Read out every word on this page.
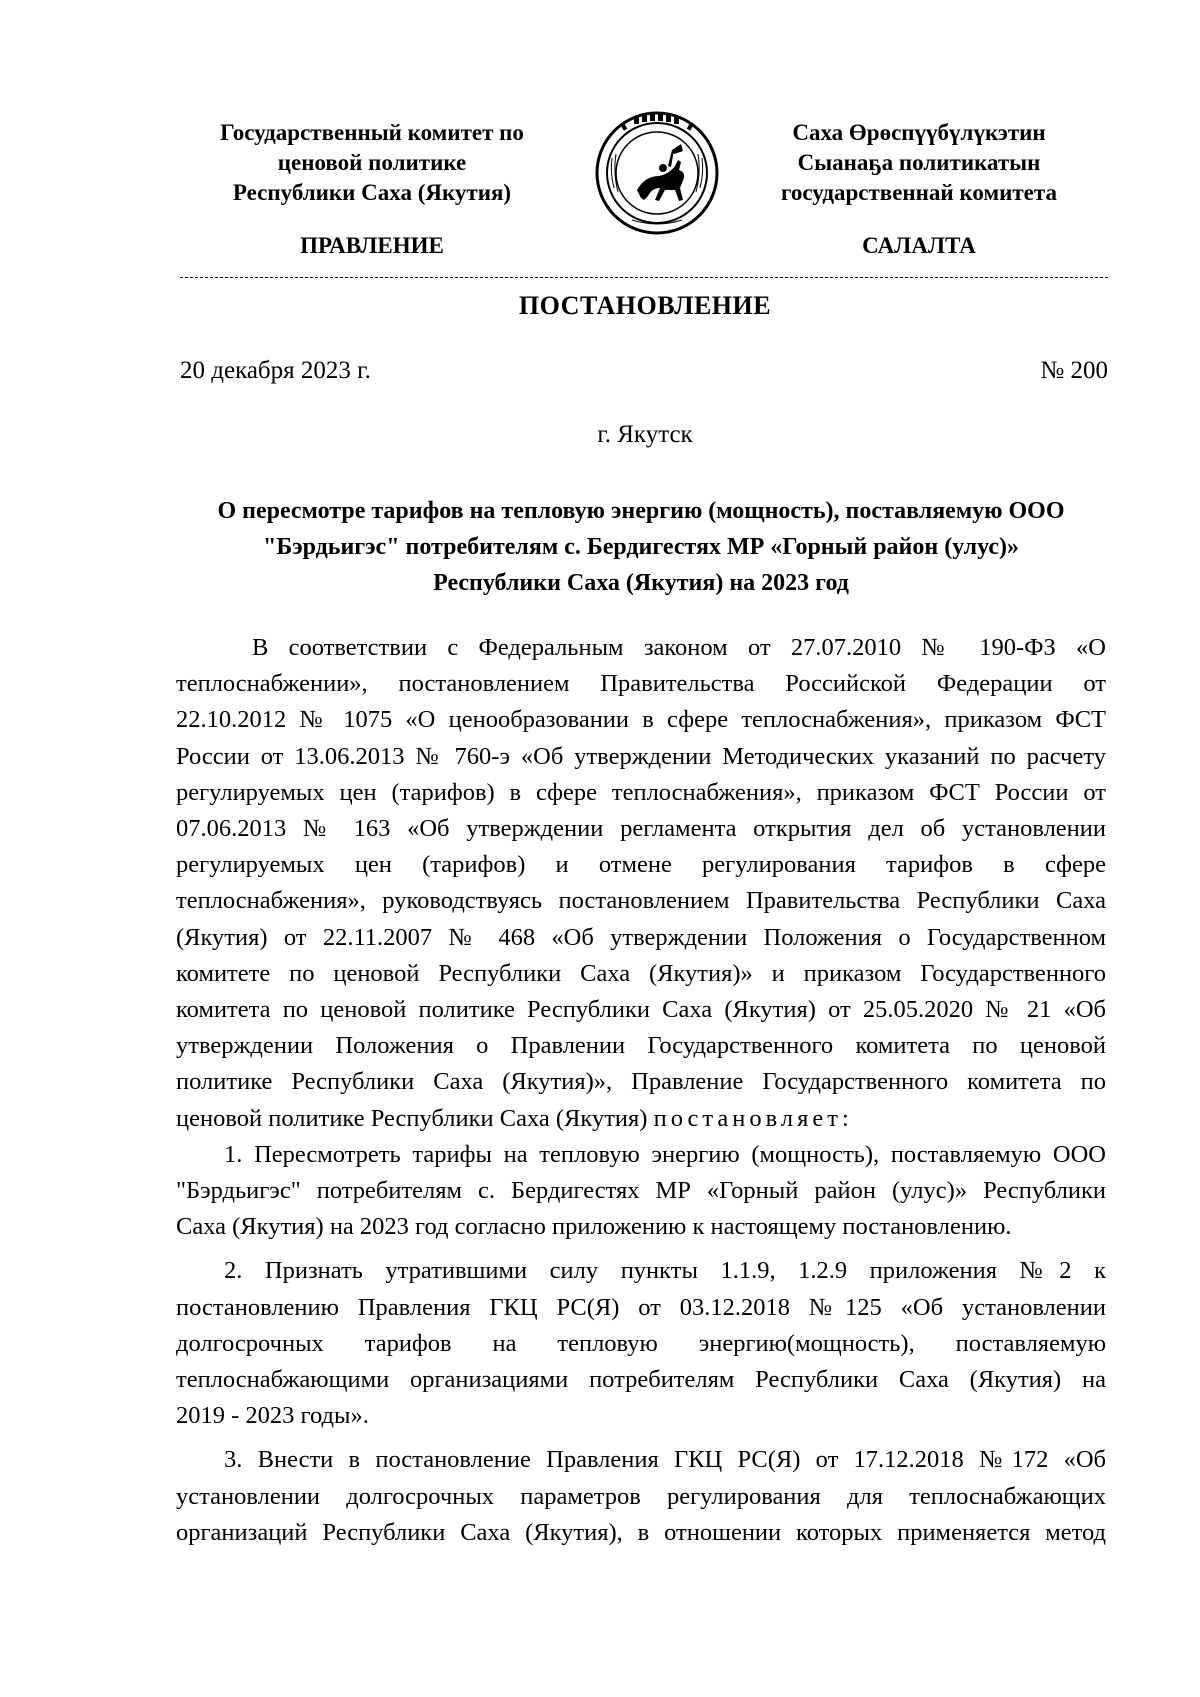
Государственный комитет по
ценовой политике
Республики Саха (Якутия)
ПРАВЛЕНИЕ
Саха Өрөспүүбүлүкэтин
Сыанаҕа политикатын
государственнай комитета
САЛАЛТА
ПОСТАНОВЛЕНИЕ
20 декабря 2023 г.	№ 200
г. Якутск
О пересмотре тарифов на тепловую энергию (мощность), поставляемую ООО
"Бэрдьигэс" потребителям с. Бердигестях МР «Горный район (улус)»
Республики Саха (Якутия) на 2023 год
В соответствии с Федеральным законом от 27.07.2010 № 190-ФЗ «О
теплоснабжении», постановлением Правительства Российской Федерации от
22.10.2012 № 1075 «О ценообразовании в сфере теплоснабжения», приказом ФСТ
России от 13.06.2013 № 760-э «Об утверждении Методических указаний по расчету
регулируемых цен (тарифов) в сфере теплоснабжения», приказом ФСТ России от
07.06.2013 № 163 «Об утверждении регламента открытия дел об установлении
регулируемых цен (тарифов) и отмене регулирования тарифов в сфере
теплоснабжения», руководствуясь постановлением Правительства Республики Саха
(Якутия) от 22.11.2007 № 468 «Об утверждении Положения о Государственном
комитете по ценовой Республики Саха (Якутия)» и приказом Государственного
комитета по ценовой политике Республики Саха (Якутия) от 25.05.2020 № 21 «Об
утверждении Положения о Правлении Государственного комитета по ценовой
политике Республики Саха (Якутия)», Правление Государственного комитета по
ценовой политике Республики Саха (Якутия) постановляет:
1. Пересмотреть тарифы на тепловую энергию (мощность), поставляемую ООО
"Бэрдьигэс" потребителям с. Бердигестях МР «Горный район (улус)» Республики
Саха (Якутия) на 2023 год согласно приложению к настоящему постановлению.
2. Признать утратившими силу пункты 1.1.9, 1.2.9 приложения №2 к
постановлению Правления ГКЦ РС(Я) от 03.12.2018 №125 «Об установлении
долгосрочных тарифов на тепловую энергию(мощность), поставляемую
теплоснабжающими организациями потребителям Республики Саха (Якутия) на
2019 - 2023 годы».
3. Внести в постановление Правления ГКЦ РС(Я) от 17.12.2018 №172 «Об
установлении долгосрочных параметров регулирования для теплоснабжающих
организаций Республики Саха (Якутия), в отношении которых применяется метод
